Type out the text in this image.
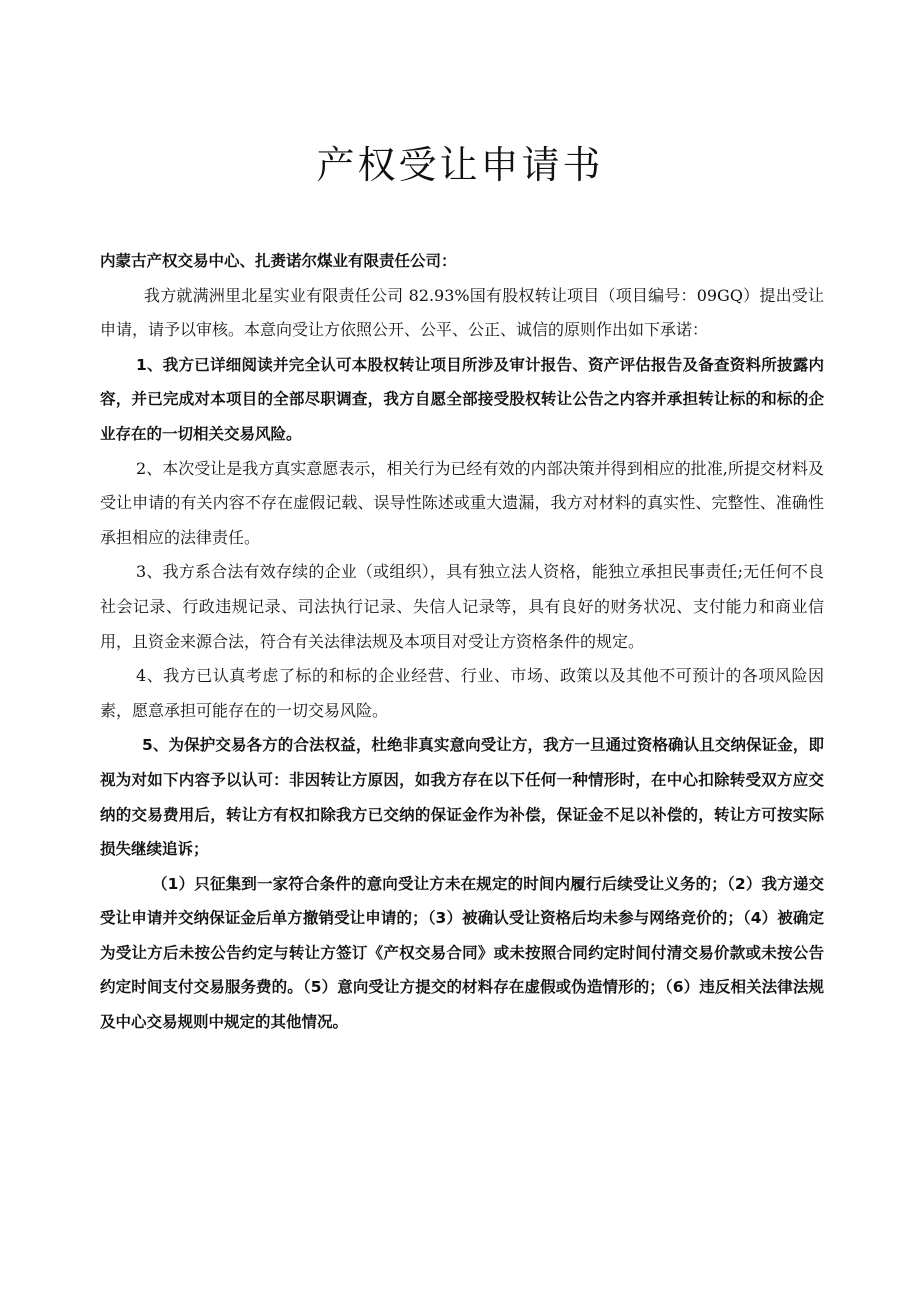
产权受让申请书

内蒙古产权交易中心、扎赉诺尔煤业有限责任公司：

我方就满洲里北星实业有限责任公司 82.93%国有股权转让项目（项目编号：09GQ）提出受让申请，请予以审核。本意向受让方依照公开、公平、公正、诚信的原则作出如下承诺：

1、我方已详细阅读并完全认可本股权转让项目所涉及审计报告、资产评估报告及备查资料所披露内容，并已完成对本项目的全部尽职调查，我方自愿全部接受股权转让公告之内容并承担转让标的和标的企业存在的一切相关交易风险。

2、本次受让是我方真实意愿表示，相关行为已经有效的内部决策并得到相应的批准,所提交材料及受让申请的有关内容不存在虚假记载、误导性陈述或重大遗漏，我方对材料的真实性、完整性、准确性承担相应的法律责任。

3、我方系合法有效存续的企业（或组织），具有独立法人资格，能独立承担民事责任;无任何不良社会记录、行政违规记录、司法执行记录、失信人记录等，具有良好的财务状况、支付能力和商业信用，且资金来源合法，符合有关法律法规及本项目对受让方资格条件的规定。

4、我方已认真考虑了标的和标的企业经营、行业、市场、政策以及其他不可预计的各项风险因素，愿意承担可能存在的一切交易风险。

5、为保护交易各方的合法权益，杜绝非真实意向受让方，我方一旦通过资格确认且交纳保证金，即视为对如下内容予以认可：非因转让方原因，如我方存在以下任何一种情形时，在中心扣除转受双方应交纳的交易费用后，转让方有权扣除我方已交纳的保证金作为补偿，保证金不足以补偿的，转让方可按实际损失继续追诉；

（1）只征集到一家符合条件的意向受让方未在规定的时间内履行后续受让义务的；（2）我方递交受让申请并交纳保证金后单方撤销受让申请的；（3）被确认受让资格后均未参与网络竞价的；（4）被确定为受让方后未按公告约定与转让方签订《产权交易合同》或未按照合同约定时间付清交易价款或未按公告约定时间支付交易服务费的。（5）意向受让方提交的材料存在虚假或伪造情形的；（6）违反相关法律法规及中心交易规则中规定的其他情况。
